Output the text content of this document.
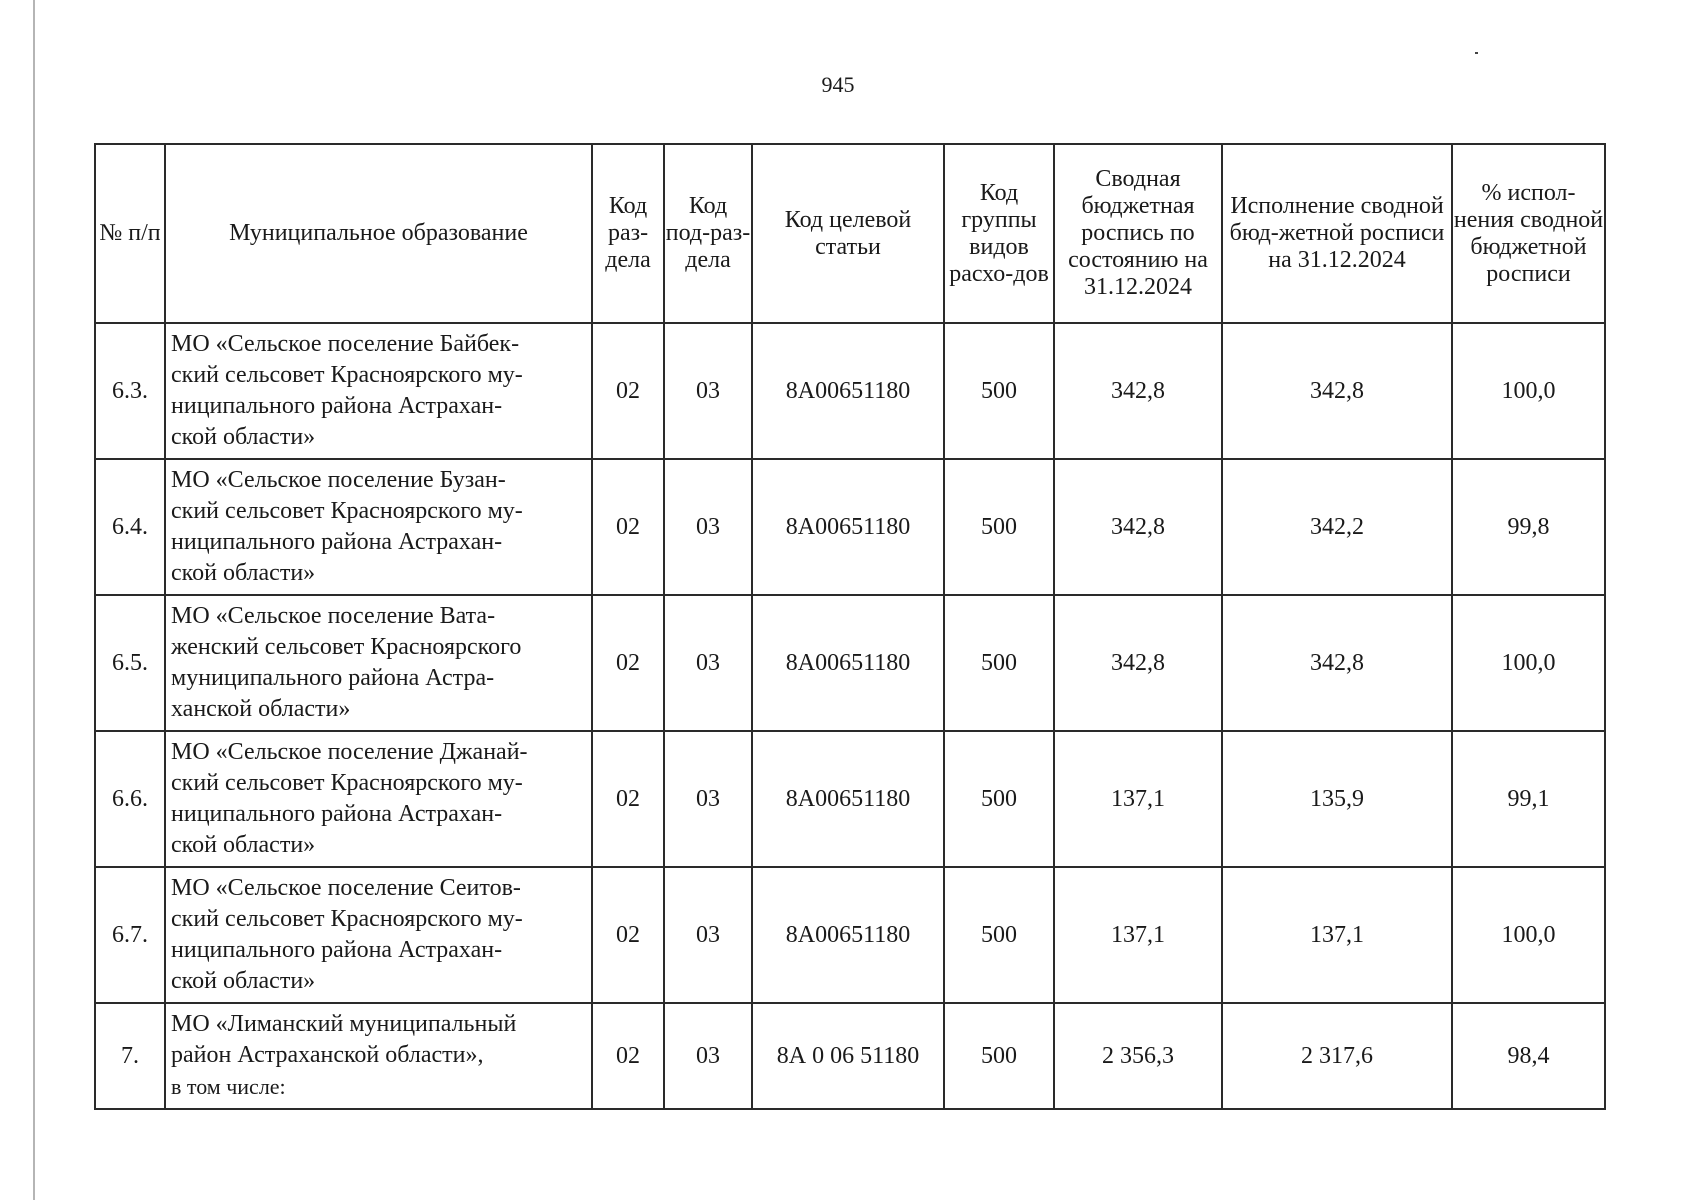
945
№ п/п	Муниципальное образование	Код раз-дела	Код под-раз-дела	Код целевой статьи	Код группы видов расхо-дов	Сводная бюджетная роспись по состоянию на 31.12.2024	Исполнение сводной бюд-жетной росписи на 31.12.2024	% испол-нения сводной бюджетной росписи
6.3.	МО «Сельское поселение Байбек-
ский сельсовет Красноярского му-
ниципального района Астрахан-
ской области»	02	03	8А00651180	500	342,8	342,8	100,0
6.4.	МО «Сельское поселение Бузан-
ский сельсовет Красноярского му-
ниципального района Астрахан-
ской области»	02	03	8А00651180	500	342,8	342,2	99,8
6.5.	МО «Сельское поселение Вата-
женский сельсовет Красноярского
муниципального района Астра-
ханской области»	02	03	8А00651180	500	342,8	342,8	100,0
6.6.	МО «Сельское поселение Джанай-
ский сельсовет Красноярского му-
ниципального района Астрахан-
ской области»	02	03	8А00651180	500	137,1	135,9	99,1
6.7.	МО «Сельское поселение Сеитов-
ский сельсовет Красноярского му-
ниципального района Астрахан-
ской области»	02	03	8А00651180	500	137,1	137,1	100,0
7.	МО «Лиманский муниципальный
район Астраханской области»,
в том числе:	02	03	8А 0 06 51180	500	2 356,3	2 317,6	98,4
